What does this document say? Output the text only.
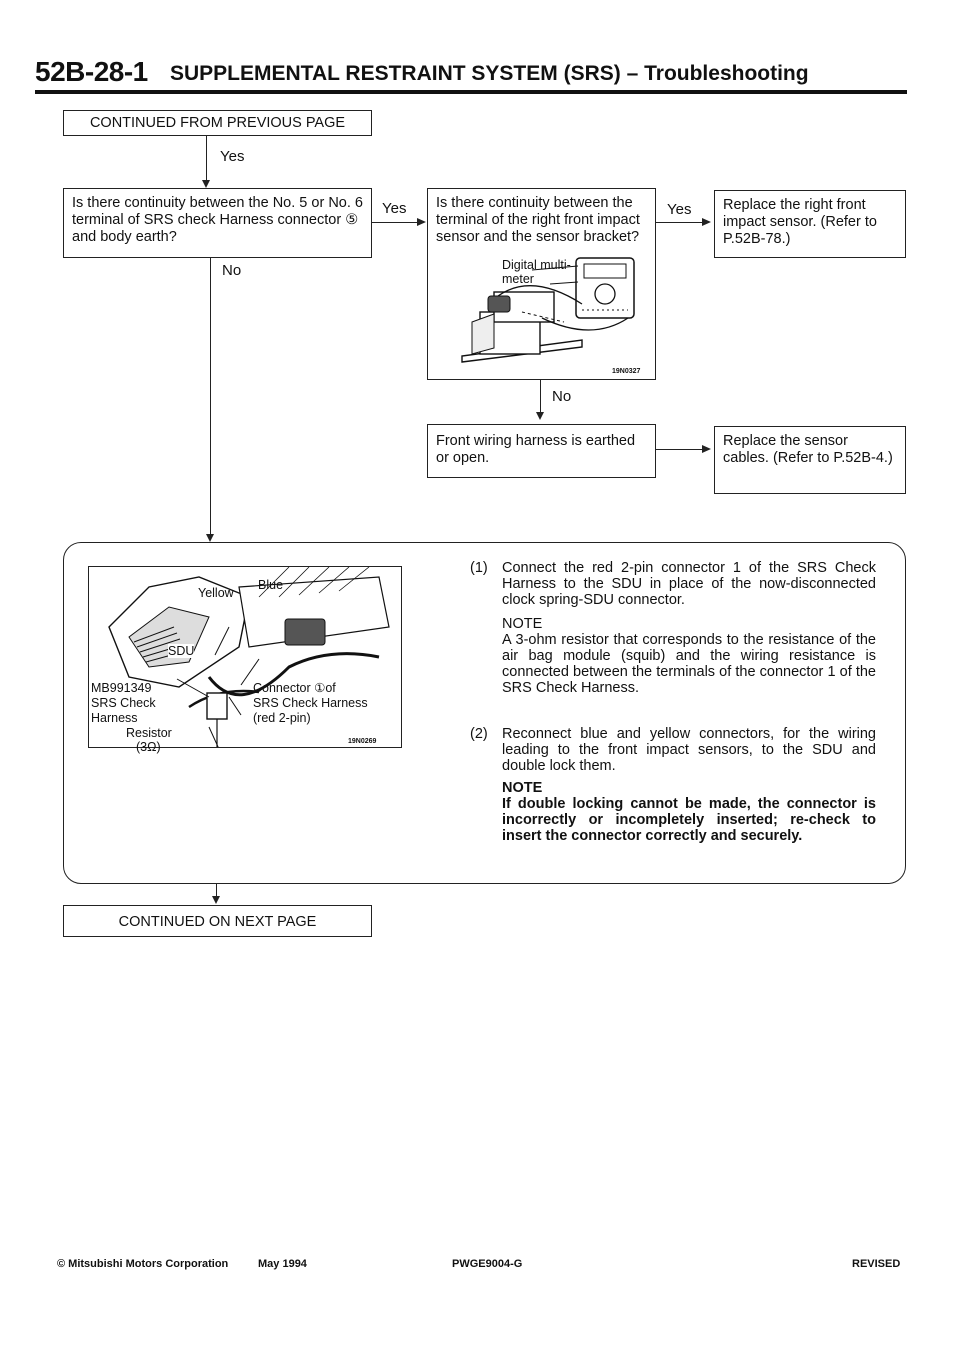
52B-28-1 SUPPLEMENTAL RESTRAINT SYSTEM (SRS) – Troubleshooting
CONTINUED FROM PREVIOUS PAGE
Yes
Is there continuity between the No. 5 or No. 6 terminal of SRS check Harness connector ⑤ and body earth?
Yes
No
Is there continuity between the terminal of the right front impact sensor and the sensor bracket?
Digital multi-meter
19N0327
Yes	Replace the right front impact sensor. (Refer to P.52B-78.)
No
Front wiring harness is earthed or open.
Replace the sensor cables. (Refer to P.52B-4.)
Yellow
Blue
SDU
MB991349
SRS Check
Harness
Resistor
(3Ω)
Connector ①of
SRS Check Harness
(red 2-pin)
19N0269
(1) Connect the red 2-pin connector 1 of the SRS Check Harness to the SDU in place of the now-disconnected clock spring-SDU connector.
NOTE
A 3-ohm resistor that corresponds to the resistance of the air bag module (squib) and the wiring resistance is connected between the terminals of the connector 1 of the SRS Check Harness.
(2) Reconnect blue and yellow connectors, for the wiring leading to the front impact sensors, to the SDU and double lock them.
NOTE
If double locking cannot be made, the connector is incorrectly or incompletely inserted; re-check to insert the connector correctly and securely.
CONTINUED ON NEXT PAGE
© Mitsubishi Motors Corporation	May 1994	PWGE9004-G	REVISED
